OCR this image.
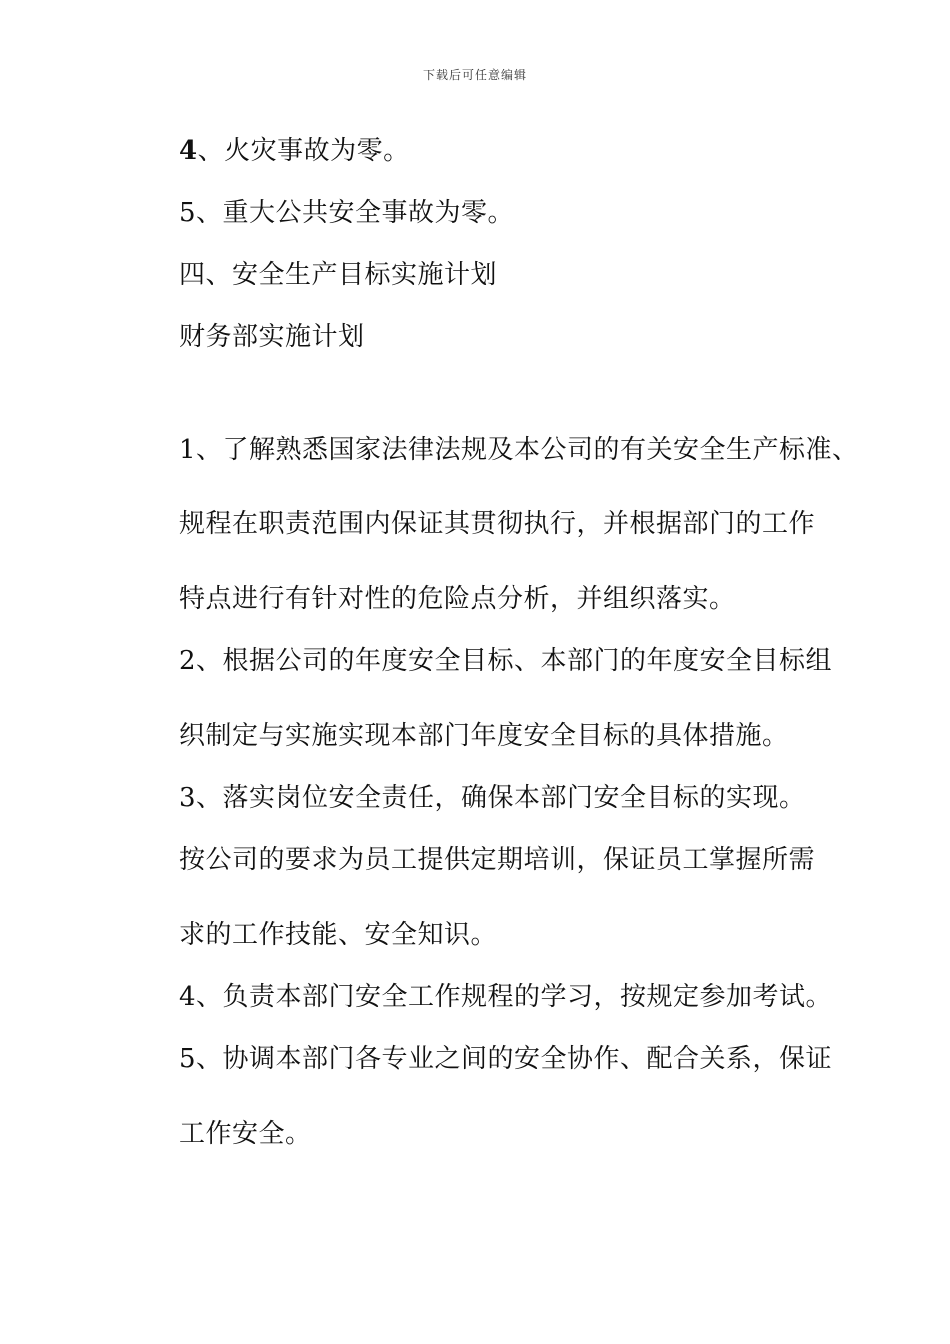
下载后可任意编辑
4、火灾事故为零。
5、重大公共安全事故为零。
四、安全生产目标实施计划
财务部实施计划
1、了解熟悉国家法律法规及本公司的有关安全生产标准、
规程在职责范围内保证其贯彻执行，并根据部门的工作
特点进行有针对性的危险点分析，并组织落实。
2、根据公司的年度安全目标、本部门的年度安全目标组
织制定与实施实现本部门年度安全目标的具体措施。
3、落实岗位安全责任，确保本部门安全目标的实现。
按公司的要求为员工提供定期培训，保证员工掌握所需
求的工作技能、安全知识。
4、负责本部门安全工作规程的学习，按规定参加考试。
5、协调本部门各专业之间的安全协作、配合关系，保证
工作安全。
